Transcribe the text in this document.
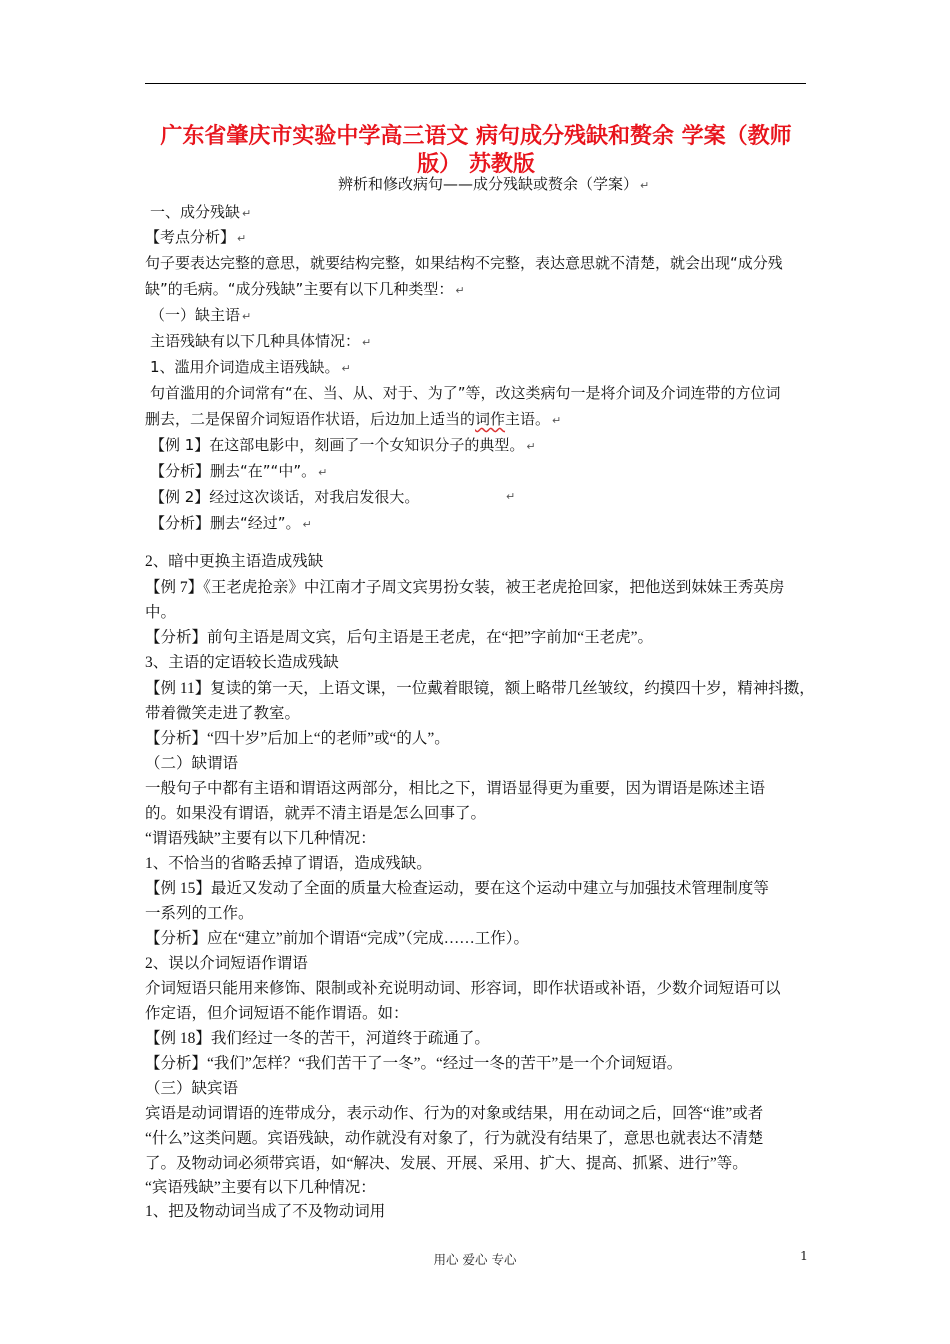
广东省肇庆市实验中学高三语文 病句成分残缺和赘余 学案（教师版） 苏教版
辨析和修改病句——成分残缺或赘余（学案） ↵
一、成分残缺 ↵
【考点分析】 ↵
句子要表达完整的意思，就要结构完整，如果结构不完整，表达意思就不清楚，就会出现“成分残
缺”的毛病。“成分残缺”主要有以下几种类型： ↵
（一）缺主语 ↵
主语残缺有以下几种具体情况： ↵
1、滥用介词造成主语残缺。 ↵
句首滥用的介词常有“在、当、从、对于、为了”等，改这类病句一是将介词及介词连带的方位词
删去，二是保留介词短语作状语，后边加上适当的词作主语。 ↵
【例 1】在这部电影中，刻画了一个女知识分子的典型。 ↵
【分析】删去“在”“中”。 ↵
【例 2】经过这次谈话，对我启发很大。	↵
【分析】删去“经过”。 ↵
2、暗中更换主语造成残缺
【例 7】《王老虎抢亲》中江南才子周文宾男扮女装，被王老虎抢回家，把他送到妹妹王秀英房
中。
【分析】前句主语是周文宾，后句主语是王老虎，在“把”字前加“王老虎”。
3、主语的定语较长造成残缺
【例 11】复读的第一天，上语文课，一位戴着眼镜，额上略带几丝皱纹，约摸四十岁，精神抖擞，
带着微笑走进了教室。
【分析】“四十岁”后加上“的老师”或“的人”。
（二）缺谓语
一般句子中都有主语和谓语这两部分，相比之下，谓语显得更为重要，因为谓语是陈述主语
的。如果没有谓语，就弄不清主语是怎么回事了。
“谓语残缺”主要有以下几种情况：
1、不恰当的省略丢掉了谓语，造成残缺。
【例 15】最近又发动了全面的质量大检查运动，要在这个运动中建立与加强技术管理制度等
一系列的工作。
【分析】应在“建立”前加个谓语“完成”（完成……工作）。
2、误以介词短语作谓语
介词短语只能用来修饰、限制或补充说明动词、形容词，即作状语或补语，少数介词短语可以
作定语，但介词短语不能作谓语。如：
【例 18】我们经过一冬的苦干，河道终于疏通了。
【分析】“我们”怎样？“我们苦干了一冬”。“经过一冬的苦干”是一个介词短语。
（三）缺宾语
宾语是动词谓语的连带成分，表示动作、行为的对象或结果，用在动词之后，回答“谁”或者
“什么”这类问题。宾语残缺，动作就没有对象了，行为就没有结果了，意思也就表达不清楚
了。及物动词必须带宾语，如“解决、发展、开展、采用、扩大、提高、抓紧、进行”等。
“宾语残缺”主要有以下几种情况：
1、把及物动词当成了不及物动词用
用心 爱心 专心	1
